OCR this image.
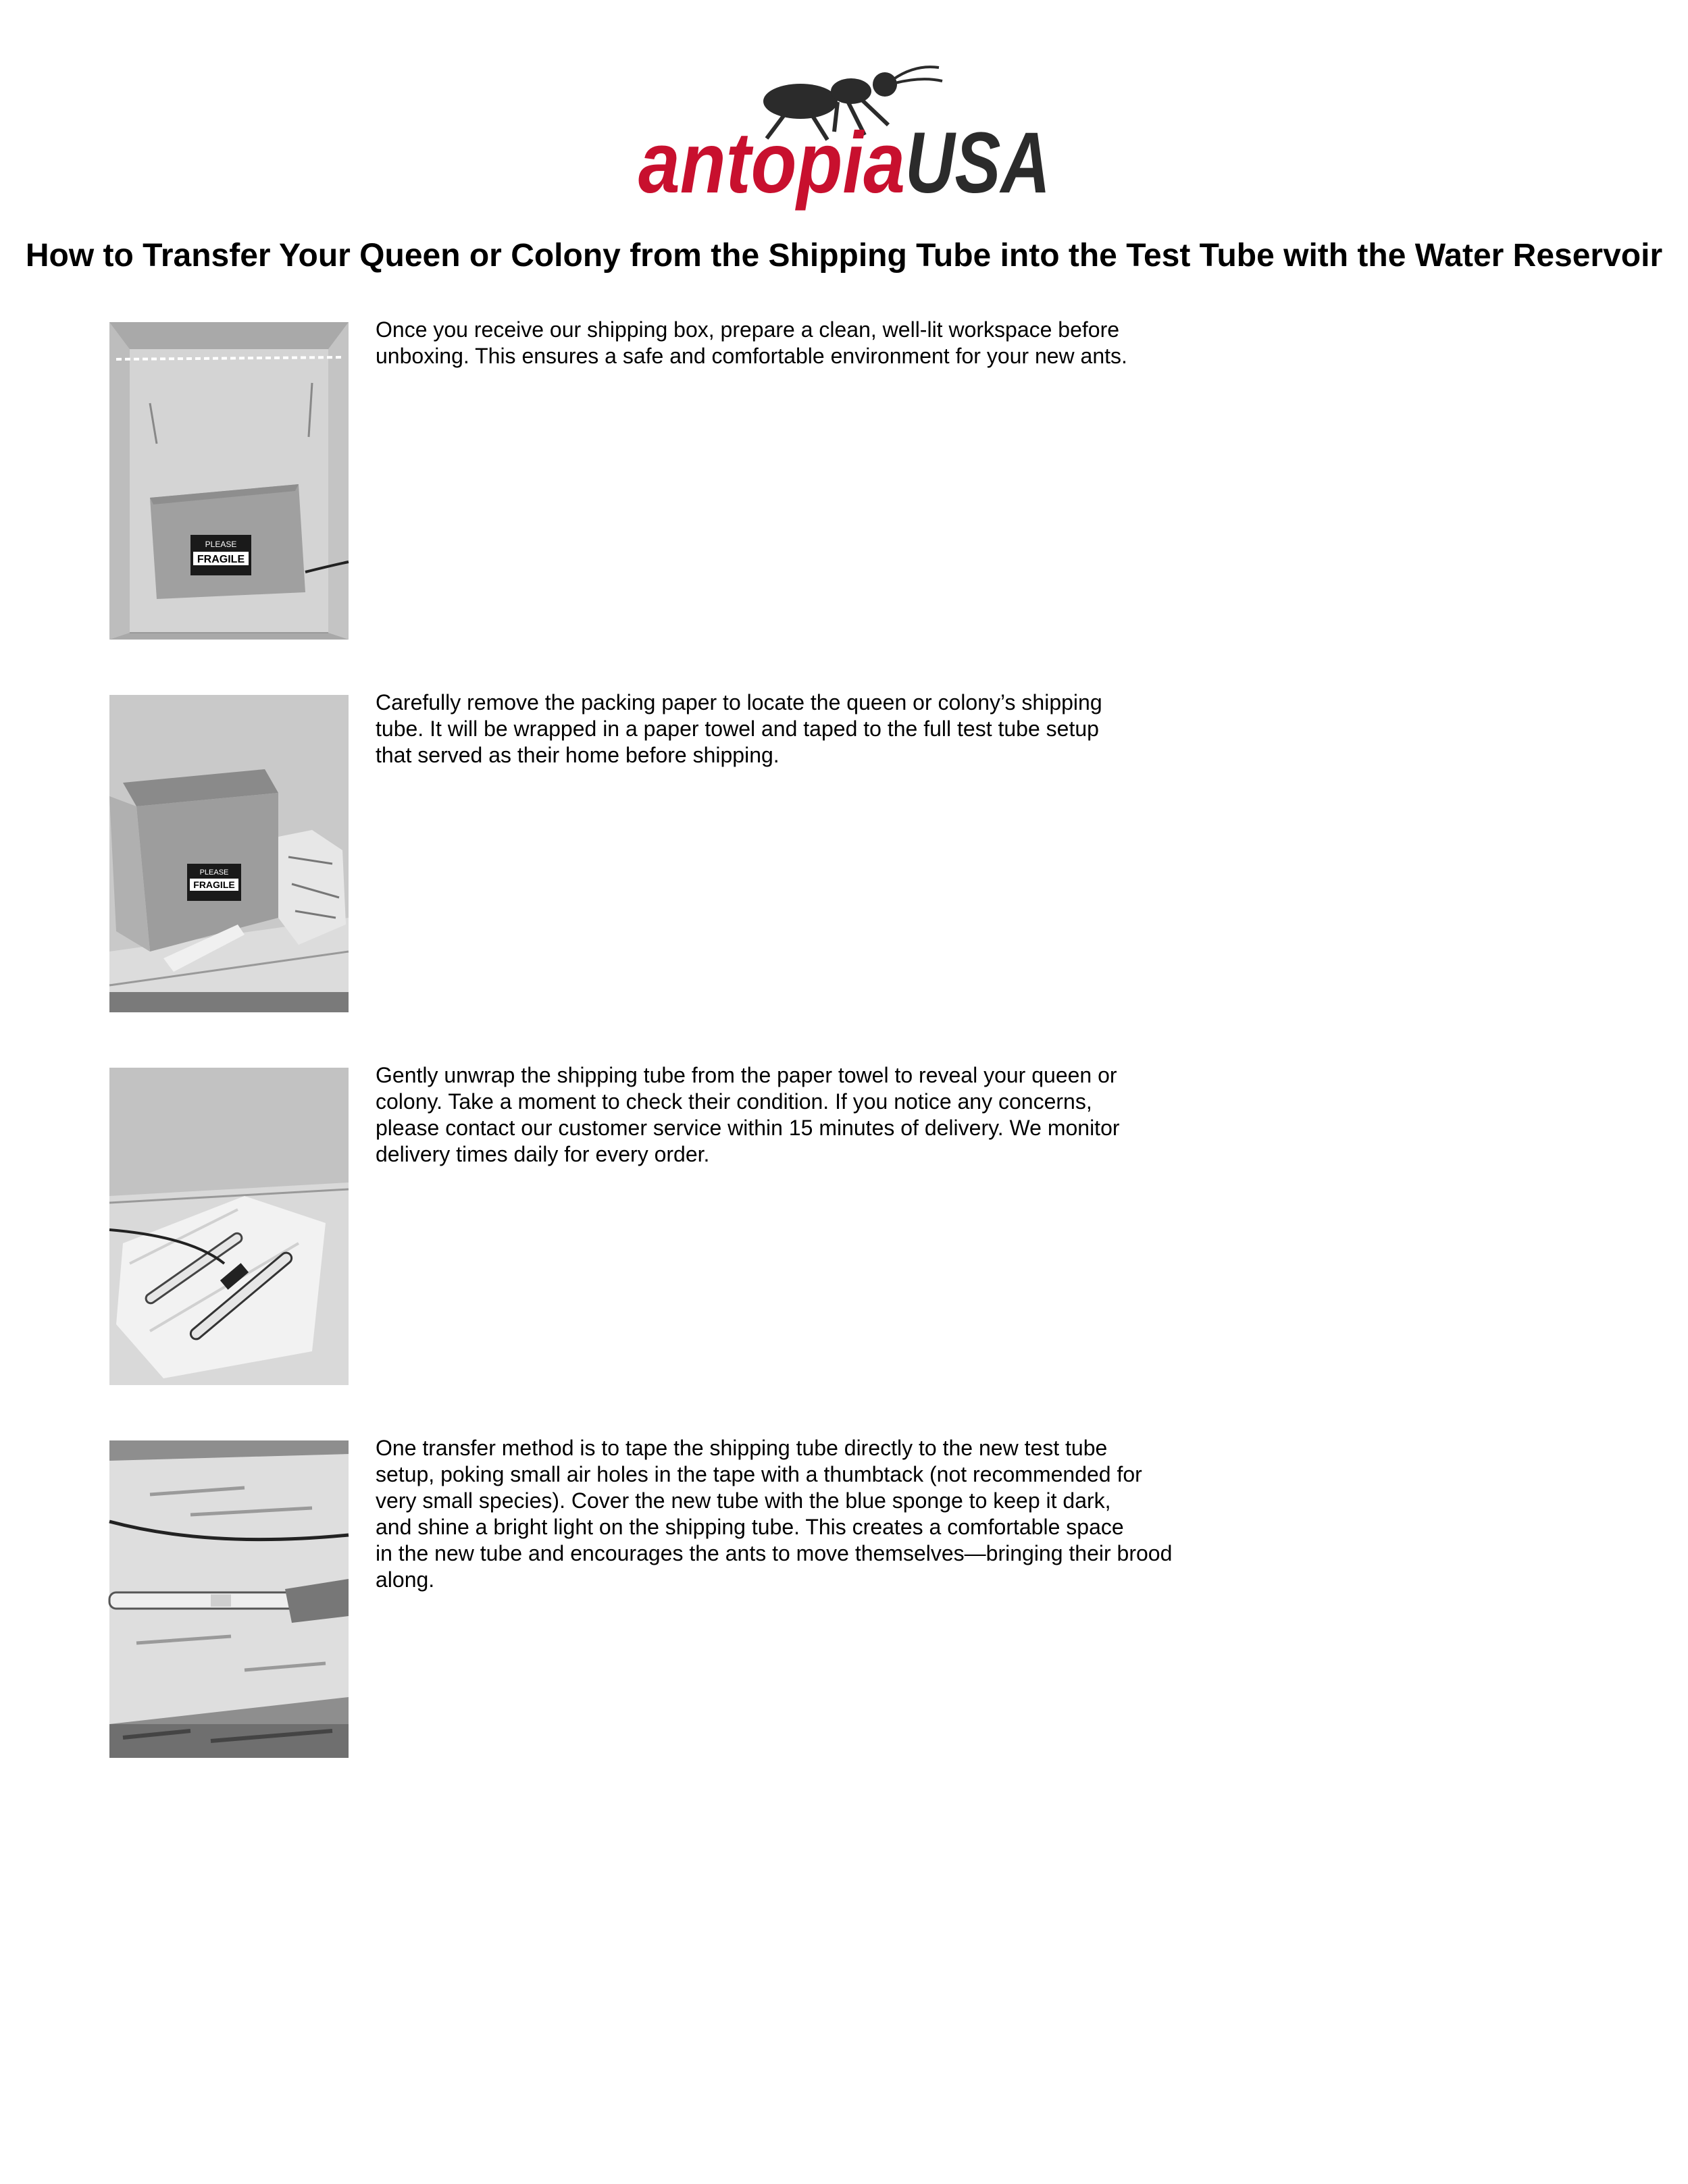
antopia USA
How to Transfer Your Queen or Colony from the Shipping Tube into the Test Tube with the Water Reservoir
PLEASE
FRAGILE

Once you receive our shipping box, prepare a clean, well-lit workspace before
unboxing. This ensures a safe and comfortable environment for your new ants.

PLEASE
FRAGILE

Carefully remove the packing paper to locate the queen or colony’s shipping
tube. It will be wrapped in a paper towel and taped to the full test tube setup
that served as their home before shipping.

Gently unwrap the shipping tube from the paper towel to reveal your queen or
colony. Take a moment to check their condition. If you notice any concerns,
please contact our customer service within 15 minutes of delivery. We monitor
delivery times daily for every order.

One transfer method is to tape the shipping tube directly to the new test tube
setup, poking small air holes in the tape with a thumbtack (not recommended for
very small species). Cover the new tube with the blue sponge to keep it dark,
and shine a bright light on the shipping tube. This creates a comfortable space
in the new tube and encourages the ants to move themselves—bringing their brood
along.
